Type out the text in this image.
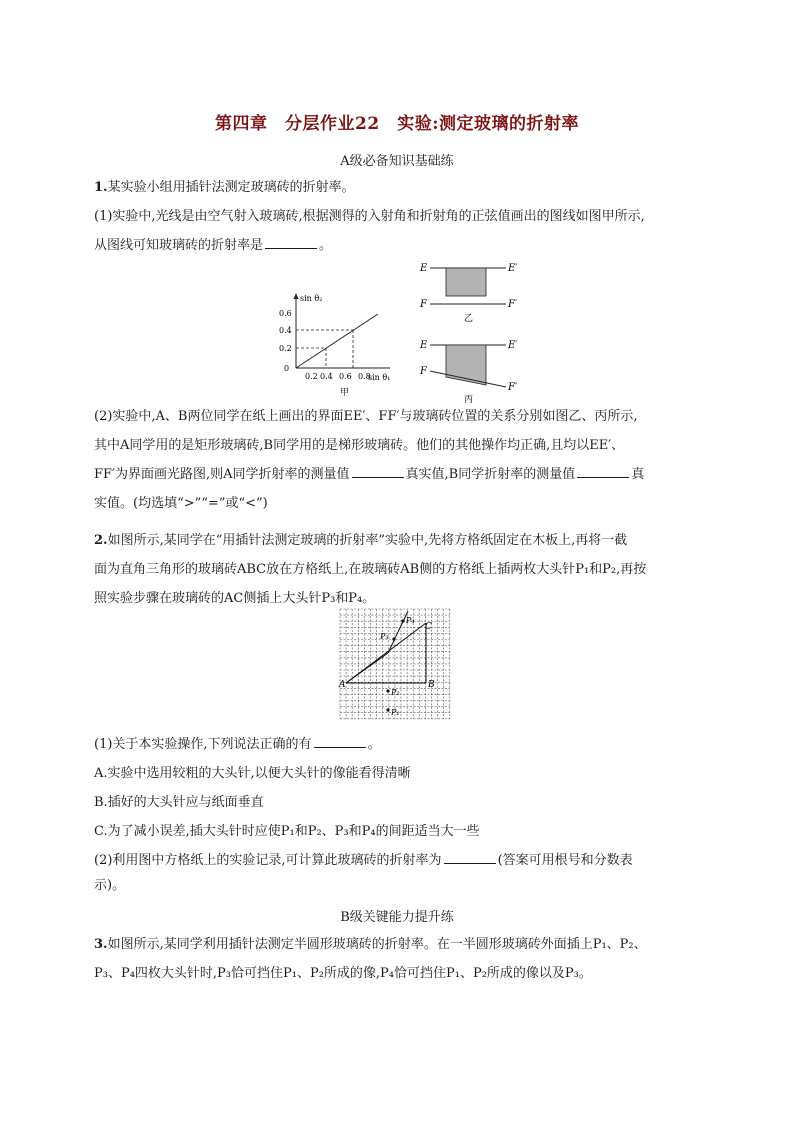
第四章　分层作业22　实验:测定玻璃的折射率
A级必备知识基础练
1.某实验小组用插针法测定玻璃砖的折射率。
(1)实验中,光线是由空气射入玻璃砖,根据测得的入射角和折射角的正弦值画出的图线如图甲所示,
从图线可知玻璃砖的折射率是	。
sin θ₂
sin θ₁
0
0.2 0.4 0.6 0.8
0.2
0.4
0.6
甲
E	E′
F	F′
乙
E	E′
F
F′
丙
(2)实验中,A、B两位同学在纸上画出的界面EE′、FF′与玻璃砖位置的关系分别如图乙、丙所示,
其中A同学用的是矩形玻璃砖,B同学用的是梯形玻璃砖。他们的其他操作均正确,且均以EE′、
FF′为界面画光路图,则A同学折射率的测量值	真实值,B同学折射率的测量值	真
实值。(均选填“>”“=”或“<”)
2.如图所示,某同学在“用插针法测定玻璃的折射率”实验中,先将方格纸固定在木板上,再将一截
面为直角三角形的玻璃砖ABC放在方格纸上,在玻璃砖AB侧的方格纸上插两枚大头针P₁和P₂,再按
照实验步骤在玻璃砖的AC侧插上大头针P₃和P₄。
A	B
C
P₂
P₁
P₃
P₄
(1)关于本实验操作,下列说法正确的有	。
A.实验中选用较粗的大头针,以便大头针的像能看得清晰
B.插好的大头针应与纸面垂直
C.为了减小误差,插大头针时应使P₁和P₂、P₃和P₄的间距适当大一些
(2)利用图中方格纸上的实验记录,可计算此玻璃砖的折射率为	(答案可用根号和分数表
示)。
B级关键能力提升练
3.如图所示,某同学利用插针法测定半圆形玻璃砖的折射率。在一半圆形玻璃砖外面插上P₁、P₂、
P₃、P₄四枚大头针时,P₃恰可挡住P₁、P₂所成的像,P₄恰可挡住P₁、P₂所成的像以及P₃。
